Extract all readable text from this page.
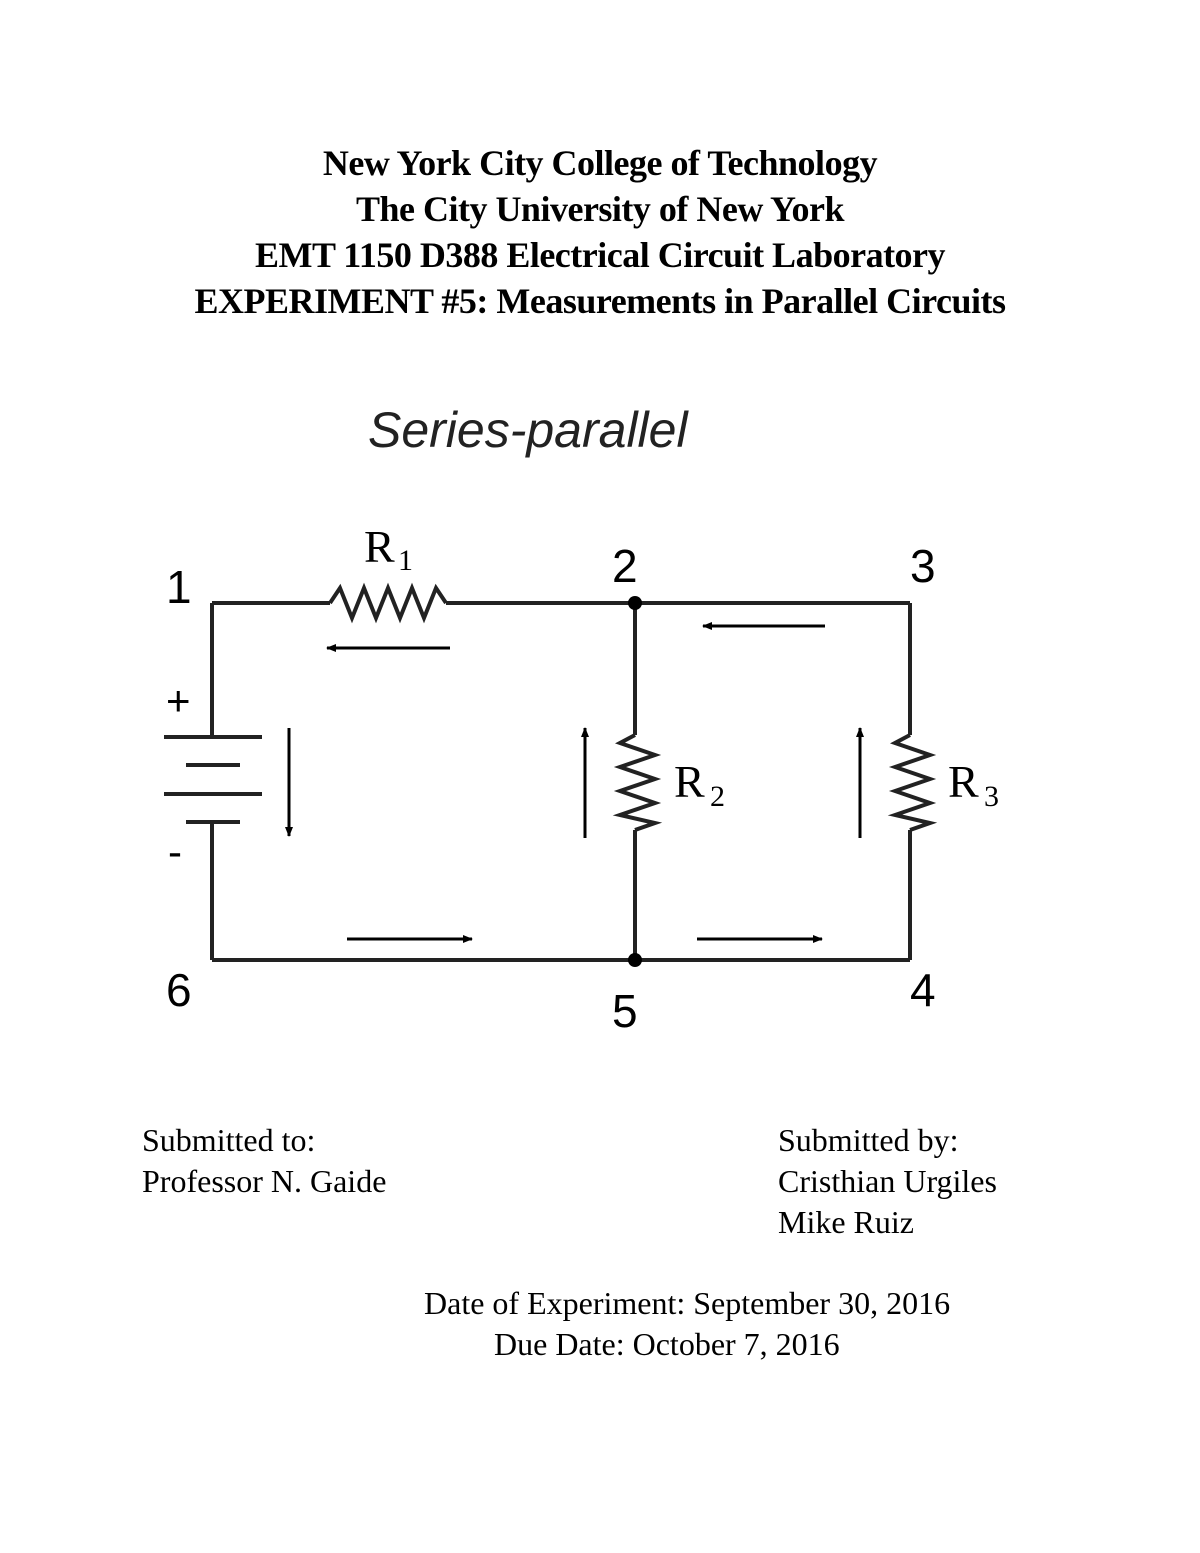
New York City College of Technology
The City University of New York
EMT 1150 D388 Electrical Circuit Laboratory
EXPERIMENT #5: Measurements in Parallel Circuits
Series-parallel
1	2	3
4
5
6
+
-
R 1
R 2	R 3
Submitted to:
Professor N. Gaide
Submitted by:
Cristhian Urgiles
Mike Ruiz
Date of Experiment: September 30, 2016
Due Date: October 7, 2016
